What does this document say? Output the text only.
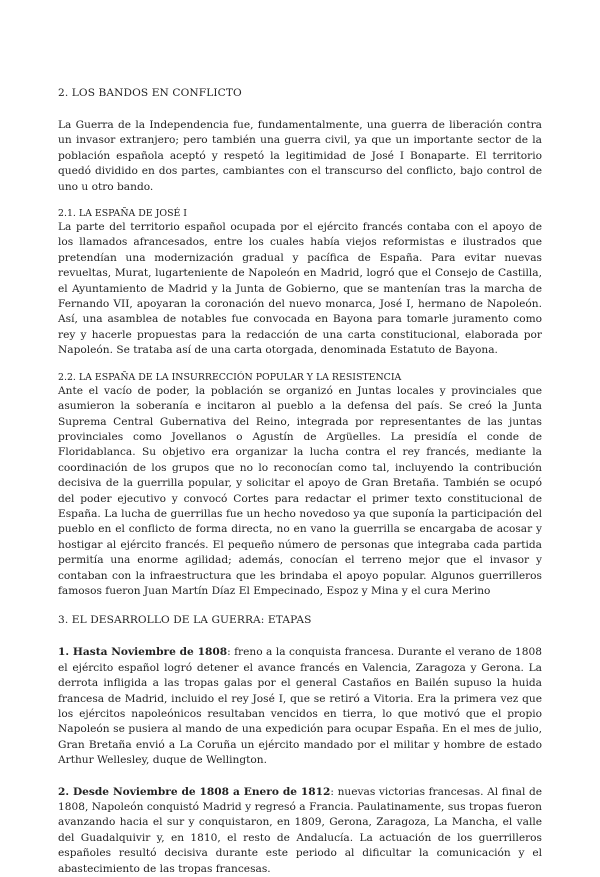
2. LOS BANDOS EN CONFLICTO

La Guerra de la Independencia fue, fundamentalmente, una guerra de liberación contra un invasor extranjero; pero también una guerra civil, ya que un importante sector de la población española aceptó y respetó la legitimidad de José I Bonaparte. El territorio quedó dividido en dos partes, cambiantes con el transcurso del conflicto, bajo control de uno u otro bando.

2.1. LA ESPAÑA DE JOSÉ I

La parte del territorio español ocupada por el ejército francés contaba con el apoyo de los llamados afrancesados, entre los cuales había viejos reformistas e ilustrados que pretendían una modernización gradual y pacífica de España. Para evitar nuevas revueltas, Murat, lugarteniente de Napoleón en Madrid, logró que el Consejo de Castilla, el Ayuntamiento de Madrid y la Junta de Gobierno, que se mantenían tras la marcha de Fernando VII, apoyaran la coronación del nuevo monarca, José I, hermano de Napoleón. Así, una asamblea de notables fue convocada en Bayona para tomarle juramento como rey y hacerle propuestas para la redacción de una carta constitucional, elaborada por Napoleón. Se trataba así de una carta otorgada, denominada Estatuto de Bayona.

2.2. LA ESPAÑA DE LA INSURRECCIÓN POPULAR Y LA RESISTENCIA

Ante el vacío de poder, la población se organizó en Juntas locales y provinciales que asumieron la soberanía e incitaron al pueblo a la defensa del país. Se creó la Junta Suprema Central Gubernativa del Reino, integrada por representantes de las juntas provinciales como Jovellanos o Agustín de Argüelles. La presidía el conde de Floridablanca. Su objetivo era organizar la lucha contra el rey francés, mediante la coordinación de los grupos que no lo reconocían como tal, incluyendo la contribución decisiva de la guerrilla popular, y solicitar el apoyo de Gran Bretaña. También se ocupó del poder ejecutivo y convocó Cortes para redactar el primer texto constitucional de España. La lucha de guerrillas fue un hecho novedoso ya que suponía la participación del pueblo en el conflicto de forma directa, no en vano la guerrilla se encargaba de acosar y hostigar al ejército francés. El pequeño número de personas que integraba cada partida permitía una enorme agilidad; además, conocían el terreno mejor que el invasor y contaban con la infraestructura que les brindaba el apoyo popular. Algunos guerrilleros famosos fueron Juan Martín Díaz El Empecinado, Espoz y Mina y el cura Merino

3. EL DESARROLLO DE LA GUERRA: ETAPAS

1. Hasta Noviembre de 1808: freno a la conquista francesa. Durante el verano de 1808 el ejército español logró detener el avance francés en Valencia, Zaragoza y Gerona. La derrota infligida a las tropas galas por el general Castaños en Bailén supuso la huida francesa de Madrid, incluido el rey José I, que se retiró a Vitoria. Era la primera vez que los ejércitos napoleónicos resultaban vencidos en tierra, lo que motivó que el propio Napoleón se pusiera al mando de una expedición para ocupar España. En el mes de julio, Gran Bretaña envió a La Coruña un ejército mandado por el militar y hombre de estado Arthur Wellesley, duque de Wellington.

2. Desde Noviembre de 1808 a Enero de 1812: nuevas victorias francesas. Al final de 1808, Napoleón conquistó Madrid y regresó a Francia. Paulatinamente, sus tropas fueron avanzando hacia el sur y conquistaron, en 1809, Gerona, Zaragoza, La Mancha, el valle del Guadalquivir y, en 1810, el resto de Andalucía. La actuación de los guerrilleros españoles resultó decisiva durante este periodo al dificultar la comunicación y el abastecimiento de las tropas francesas.
